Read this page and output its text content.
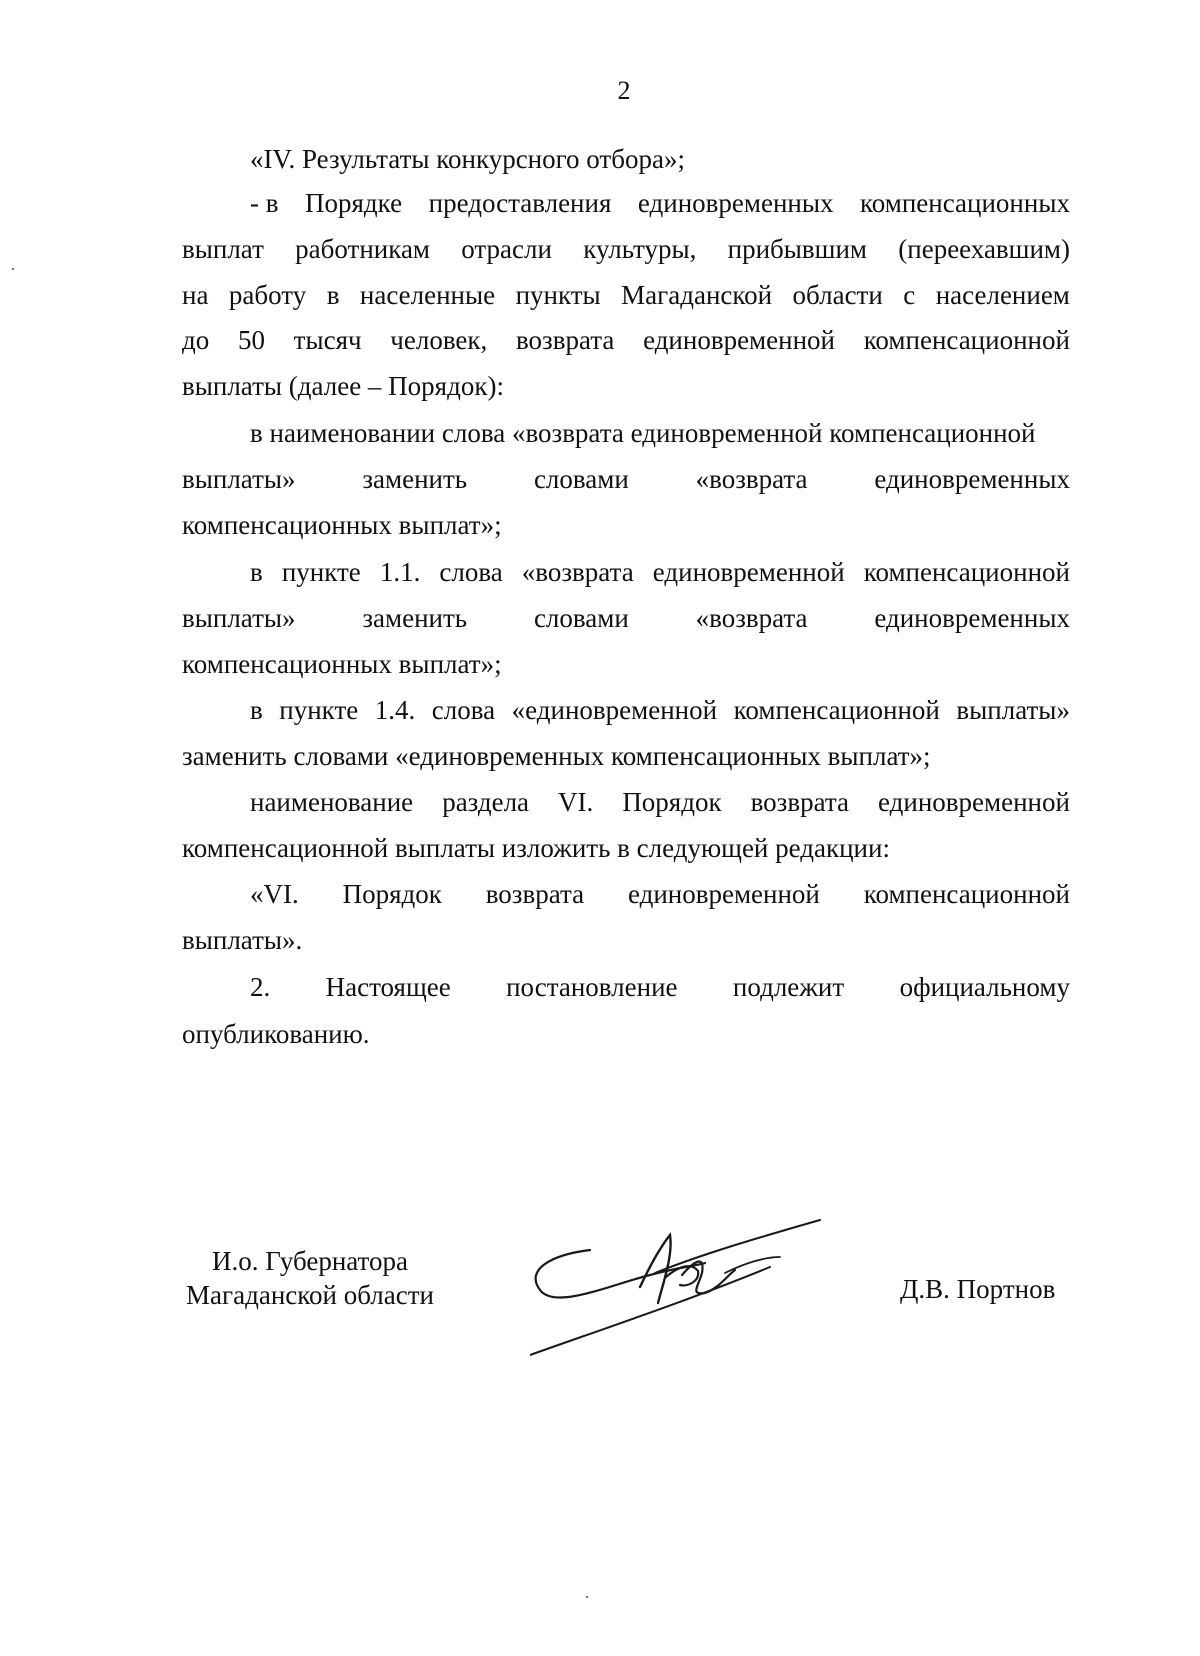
2
«IV. Результаты конкурсного отбора»;
- в Порядке предоставления единовременных компенсационных
выплат работникам отрасли культуры, прибывшим (переехавшим)
на работу в населенные пункты Магаданской области с населением
до 50 тысяч человек, возврата единовременной компенсационной
выплаты (далее – Порядок):
в наименовании слова «возврата единовременной компенсационной
выплаты» заменить словами «возврата единовременных
компенсационных выплат»;
в пункте 1.1. слова «возврата единовременной компенсационной
выплаты» заменить словами «возврата единовременных
компенсационных выплат»;
в пункте 1.4. слова «единовременной компенсационной выплаты»
заменить словами «единовременных компенсационных выплат»;
наименование раздела VI. Порядок возврата единовременной
компенсационной выплаты изложить в следующей редакции:
«VI. Порядок возврата единовременной компенсационной
выплаты».
2. Настоящее постановление подлежит официальному
опубликованию.
И.о. Губернатора
Магаданской области	Д.В. Портнов
